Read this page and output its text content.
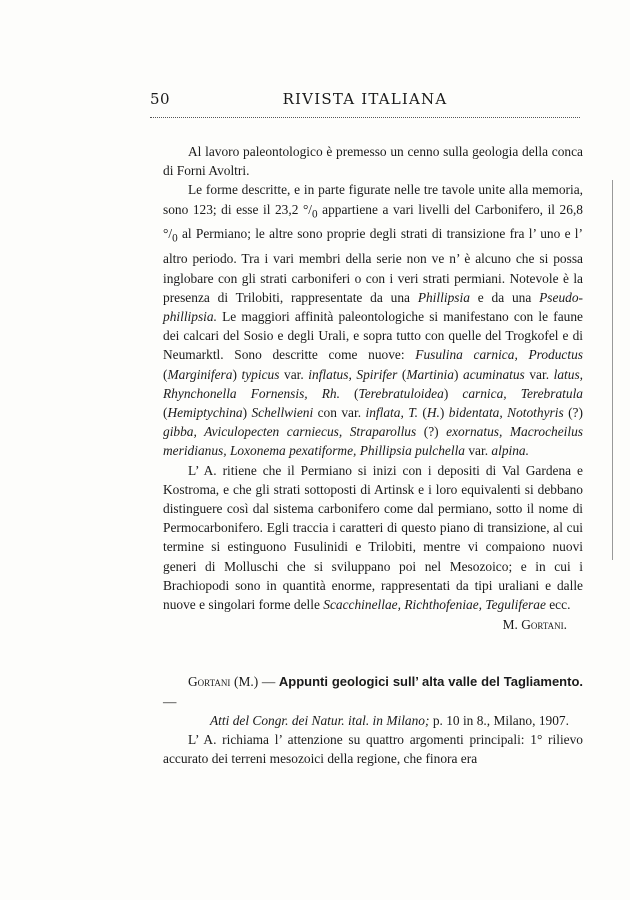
50	RIVISTA ITALIANA

Al lavoro paleontologico è premesso un cenno sulla geologia della conca di Forni Avoltri.

Le forme descritte, e in parte figurate nelle tre tavole unite alla memoria, sono 123; di esse il 23,2 $^\circ/_0$ appartiene a vari livelli del Carbonifero, il 26,8 $^\circ/_0$ al Permiano; le altre sono proprie degli strati di transizione fra l’ uno e l’ altro periodo. Tra i vari membri della serie non ve n’ è alcuno che si possa inglobare con gli strati carboniferi o con i veri strati permiani. Notevole è la presenza di Trilobiti, rappresentate da una Phillipsia e da una Pseudo-phillipsia. Le maggiori affinità paleontologiche si manifestano con le faune dei calcari del Sosio e degli Urali, e sopra tutto con quelle del Trogkofel e di Neumarktl. Sono descritte come nuove: Fusulina carnica, Productus (Marginifera) typicus var. inflatus, Spirifer (Martinia) acuminatus var. latus, Rhynchonella Fornensis, Rh. (Terebratuloidea) carnica, Terebratula (Hemiptychina) Schellwieni con var. inflata, T. (H.) bidentata, Notothyris (?) gibba, Aviculopecten carniecus, Straparollus (?) exornatus, Macrocheilus meridianus, Loxonema pexatiforme, Phillipsia pulchella var. alpina.

L’ A. ritiene che il Permiano si inizi con i depositi di Val Gardena e Kostroma, e che gli strati sottoposti di Artinsk e i loro equivalenti si debbano distinguere così dal sistema carbonifero come dal permiano, sotto il nome di Permocarbonifero. Egli traccia i caratteri di questo piano di transizione, al cui termine si estinguono Fusulinidi e Trilobiti, mentre vi compaiono nuovi generi di Molluschi che si sviluppano poi nel Mesozoico; e in cui i Brachiopodi sono in quantità enorme, rappresentati da tipi uraliani e dalle nuove e singolari forme delle Scacchinellae, Richthofeniae, Teguliferae ecc.

M. Gortani.

Gortani (M.) — Appunti geologici sull’ alta valle del Tagliamento. —

Atti del Congr. dei Natur. ital. in Milano; p. 10 in 8., Milano, 1907.

L’ A. richiama l’ attenzione su quattro argomenti principali: 1° rilievo accurato dei terreni mesozoici della regione, che finora era
